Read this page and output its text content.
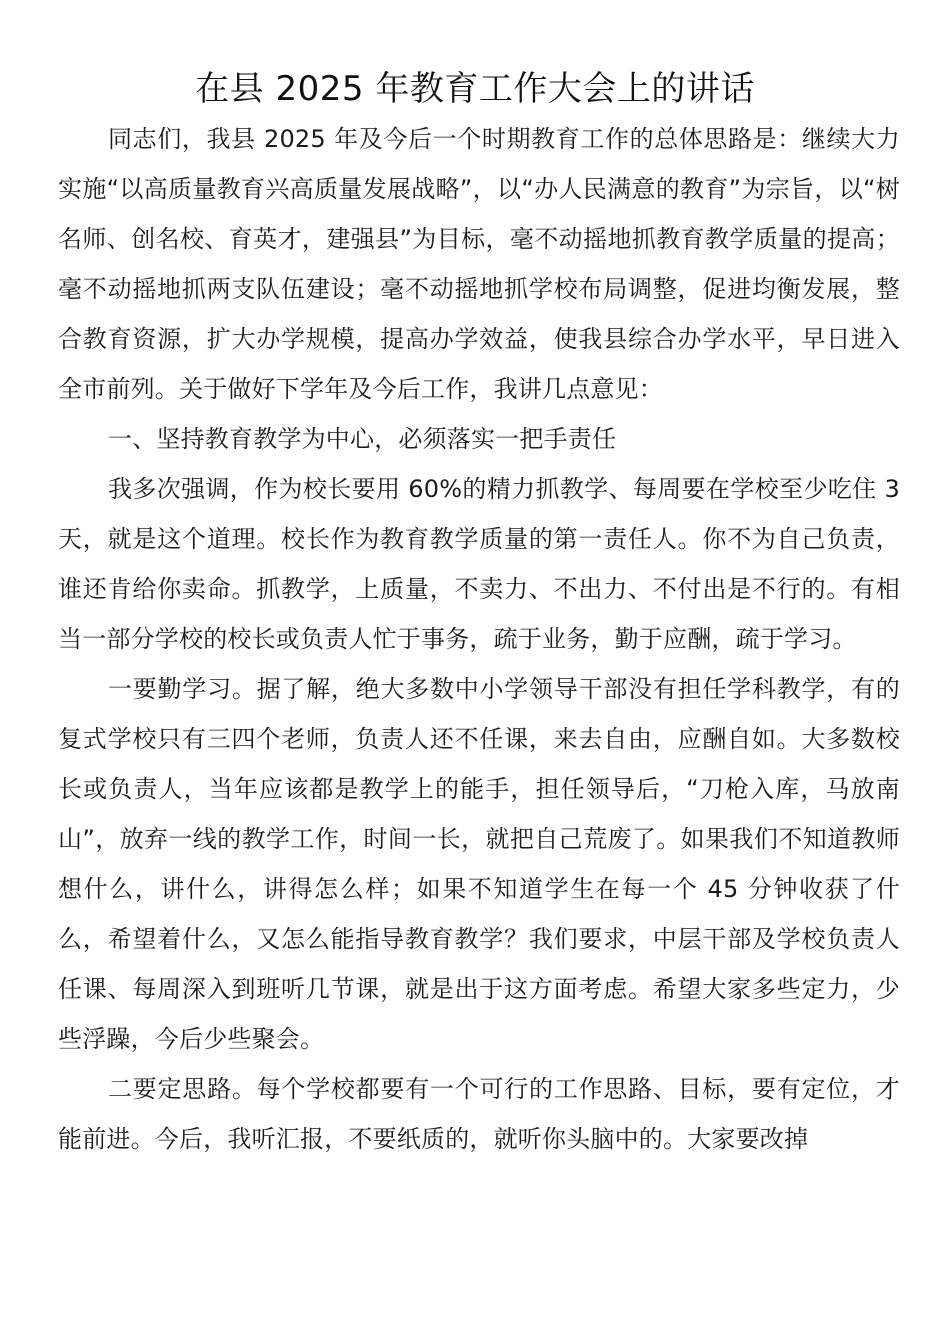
在县 2025 年教育工作大会上的讲话

同志们，我县 2025 年及今后一个时期教育工作的总体思路是：继续大力实施“以高质量教育兴高质量发展战略”，以“办人民满意的教育”为宗旨，以“树名师、创名校、育英才，建强县”为目标，毫不动摇地抓教育教学质量的提高；毫不动摇地抓两支队伍建设；毫不动摇地抓学校布局调整，促进均衡发展，整合教育资源，扩大办学规模，提高办学效益，使我县综合办学水平，早日进入全市前列。关于做好下学年及今后工作，我讲几点意见：

一、坚持教育教学为中心，必须落实一把手责任

我多次强调，作为校长要用 60%的精力抓教学、每周要在学校至少吃住 3 天，就是这个道理。校长作为教育教学质量的第一责任人。你不为自己负责，谁还肯给你卖命。抓教学，上质量，不卖力、不出力、不付出是不行的。有相当一部分学校的校长或负责人忙于事务，疏于业务，勤于应酬，疏于学习。

一要勤学习。据了解，绝大多数中小学领导干部没有担任学科教学，有的复式学校只有三四个老师，负责人还不任课，来去自由，应酬自如。大多数校长或负责人，当年应该都是教学上的能手，担任领导后，“刀枪入库，马放南山”，放弃一线的教学工作，时间一长，就把自己荒废了。如果我们不知道教师想什么，讲什么，讲得怎么样；如果不知道学生在每一个 45 分钟收获了什么，希望着什么，又怎么能指导教育教学？我们要求，中层干部及学校负责人任课、每周深入到班听几节课，就是出于这方面考虑。希望大家多些定力，少些浮躁，今后少些聚会。

二要定思路。每个学校都要有一个可行的工作思路、目标，要有定位，才能前进。今后，我听汇报，不要纸质的，就听你头脑中的。大家要改掉
